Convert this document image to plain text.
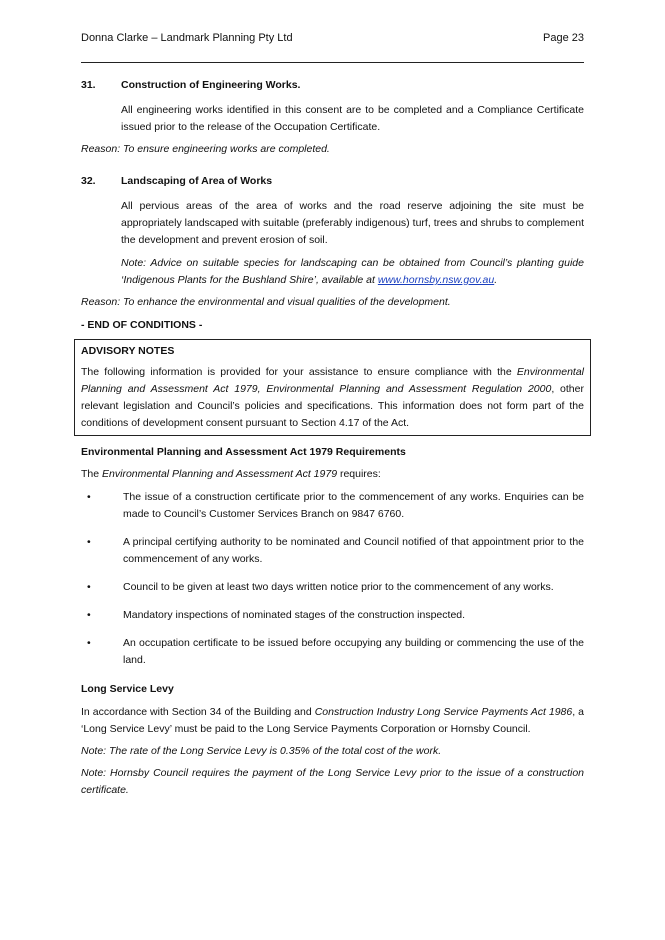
Donna Clarke – Landmark Planning Pty Ltd	Page 23
31.	Construction of Engineering Works.

All engineering works identified in this consent are to be completed and a Compliance Certificate issued prior to the release of the Occupation Certificate.

Reason: To ensure engineering works are completed.

32.	Landscaping of Area of Works

All pervious areas of the area of works and the road reserve adjoining the site must be appropriately landscaped with suitable (preferably indigenous) turf, trees and shrubs to complement the development and prevent erosion of soil.

Note: Advice on suitable species for landscaping can be obtained from Council’s planting guide ‘Indigenous Plants for the Bushland Shire’, available at www.hornsby.nsw.gov.au.

Reason: To enhance the environmental and visual qualities of the development.

- END OF CONDITIONS -

ADVISORY NOTES

The following information is provided for your assistance to ensure compliance with the Environmental Planning and Assessment Act 1979, Environmental Planning and Assessment Regulation 2000, other relevant legislation and Council’s policies and specifications. This information does not form part of the conditions of development consent pursuant to Section 4.17 of the Act.

Environmental Planning and Assessment Act 1979 Requirements

The Environmental Planning and Assessment Act 1979 requires:

•	The issue of a construction certificate prior to the commencement of any works. Enquiries can be made to Council’s Customer Services Branch on 9847 6760.

•	A principal certifying authority to be nominated and Council notified of that appointment prior to the commencement of any works.

•	Council to be given at least two days written notice prior to the commencement of any works.

•	Mandatory inspections of nominated stages of the construction inspected.

•	An occupation certificate to be issued before occupying any building or commencing the use of the land.

Long Service Levy

In accordance with Section 34 of the Building and Construction Industry Long Service Payments Act 1986, a ‘Long Service Levy’ must be paid to the Long Service Payments Corporation or Hornsby Council.

Note: The rate of the Long Service Levy is 0.35% of the total cost of the work.

Note: Hornsby Council requires the payment of the Long Service Levy prior to the issue of a construction certificate.
